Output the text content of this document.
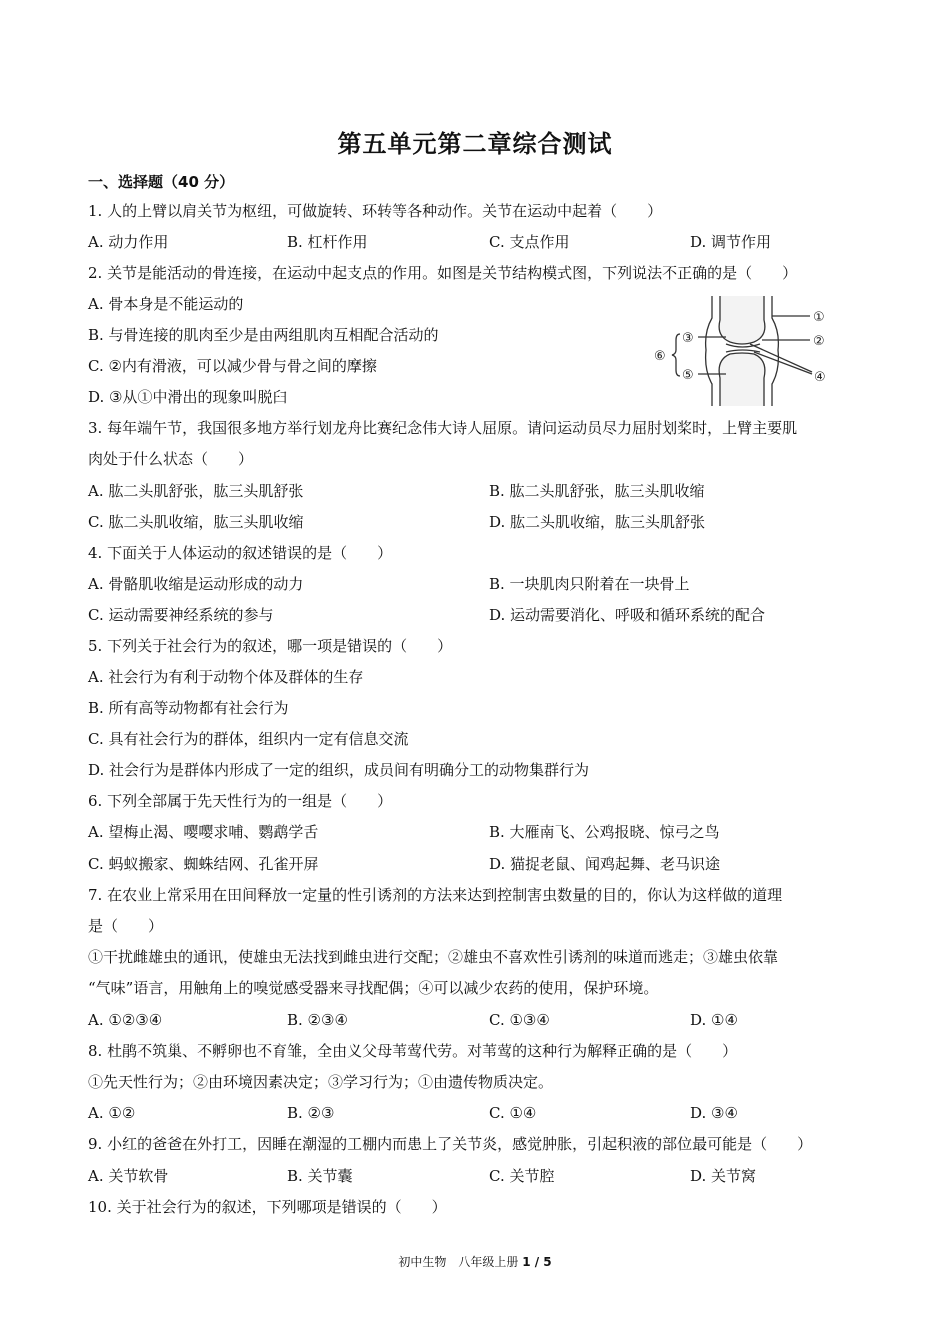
第五单元第二章综合测试
一、选择题（40 分）
1. 人的上臂以肩关节为枢纽，可做旋转、环转等各种动作。关节在运动中起着（　　）
A. 动力作用	B. 杠杆作用	C. 支点作用	D. 调节作用
2. 关节是能活动的骨连接，在运动中起支点的作用。如图是关节结构模式图，下列说法不正确的是（　　）
A. 骨本身是不能运动的
B. 与骨连接的肌肉至少是由两组肌肉互相配合活动的
C. ②内有滑液，可以减少骨与骨之间的摩擦
D. ③从①中滑出的现象叫脱臼
①
②
③
④
⑤
⑥
3. 每年端午节，我国很多地方举行划龙舟比赛纪念伟大诗人屈原。请问运动员尽力屈肘划桨时，上臂主要肌
肉处于什么状态（　　）
A. 肱二头肌舒张，肱三头肌舒张	B. 肱二头肌舒张，肱三头肌收缩
C. 肱二头肌收缩，肱三头肌收缩	D. 肱二头肌收缩，肱三头肌舒张
4. 下面关于人体运动的叙述错误的是（　　）
A. 骨骼肌收缩是运动形成的动力	B. 一块肌肉只附着在一块骨上
C. 运动需要神经系统的参与	D. 运动需要消化、呼吸和循环系统的配合
5. 下列关于社会行为的叙述，哪一项是错误的（　　）
A. 社会行为有利于动物个体及群体的生存
B. 所有高等动物都有社会行为
C. 具有社会行为的群体，组织内一定有信息交流
D. 社会行为是群体内形成了一定的组织，成员间有明确分工的动物集群行为
6. 下列全部属于先天性行为的一组是（　　）
A. 望梅止渴、嘤嘤求哺、鹦鹉学舌	B. 大雁南飞、公鸡报晓、惊弓之鸟
C. 蚂蚁搬家、蜘蛛结网、孔雀开屏	D. 猫捉老鼠、闻鸡起舞、老马识途
7. 在农业上常采用在田间释放一定量的性引诱剂的方法来达到控制害虫数量的目的，你认为这样做的道理
是（　　）
①干扰雌雄虫的通讯，使雄虫无法找到雌虫进行交配；②雄虫不喜欢性引诱剂的味道而逃走；③雄虫依靠
“气味”语言，用触角上的嗅觉感受器来寻找配偶；④可以减少农药的使用，保护环境。
A. ①②③④	B. ②③④	C. ①③④	D. ①④
8. 杜鹃不筑巢、不孵卵也不育雏，全由义父母苇莺代劳。对苇莺的这种行为解释正确的是（　　）
①先天性行为；②由环境因素决定；③学习行为；①由遗传物质决定。
A. ①②	B. ②③	C. ①④	D. ③④
9. 小红的爸爸在外打工，因睡在潮湿的工棚内而患上了关节炎，感觉肿胀，引起积液的部位最可能是（　　）
A. 关节软骨	B. 关节囊	C. 关节腔	D. 关节窝
10. 关于社会行为的叙述，下列哪项是错误的（　　）
初中生物　八年级上册 1 / 5
